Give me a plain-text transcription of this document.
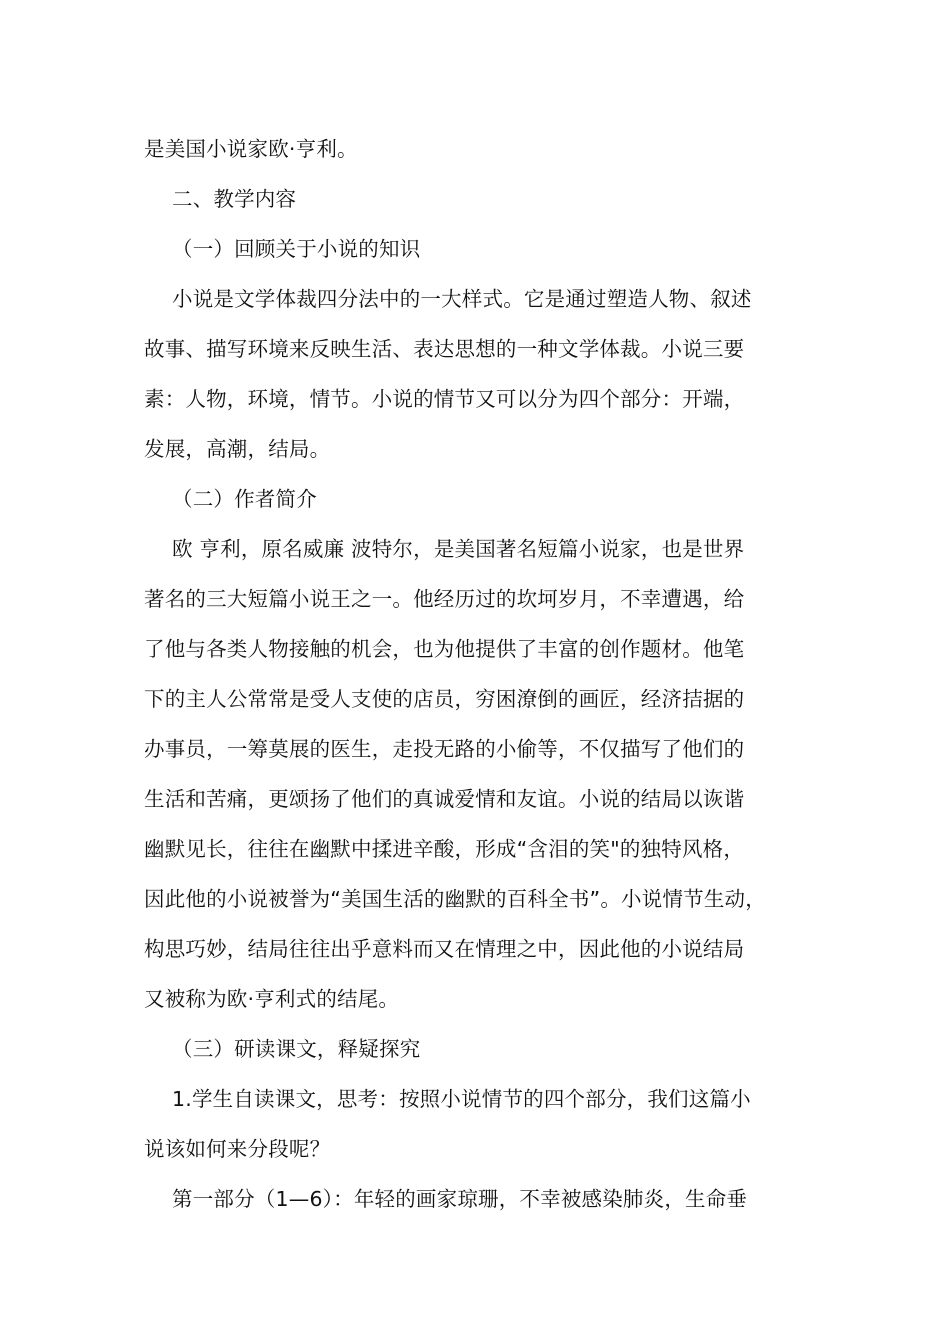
是美国小说家欧·亨利。
二、教学内容
（一）回顾关于小说的知识
小说是文学体裁四分法中的一大样式。它是通过塑造人物、叙述
故事、描写环境来反映生活、表达思想的一种文学体裁。小说三要
素：人物，环境，情节。小说的情节又可以分为四个部分：开端，
发展，高潮，结局。
（二）作者简介
欧 亨利，原名威廉 波特尔，是美国著名短篇小说家，也是世界
著名的三大短篇小说王之一。他经历过的坎坷岁月，不幸遭遇，给
了他与各类人物接触的机会，也为他提供了丰富的创作题材。他笔
下的主人公常常是受人支使的店员，穷困潦倒的画匠，经济拮据的
办事员，一筹莫展的医生，走投无路的小偷等，不仅描写了他们的
生活和苦痛，更颂扬了他们的真诚爱情和友谊。小说的结局以诙谐
幽默见长，往往在幽默中揉进辛酸，形成“含泪的笑"的独特风格，
因此他的小说被誉为“美国生活的幽默的百科全书”。小说情节生动，
构思巧妙，结局往往出乎意料而又在情理之中，因此他的小说结局
又被称为欧·亨利式的结尾。
（三）研读课文，释疑探究
1.学生自读课文，思考：按照小说情节的四个部分，我们这篇小
说该如何来分段呢？
第一部分（1—6）：年轻的画家琼珊，不幸被感染肺炎，生命垂
